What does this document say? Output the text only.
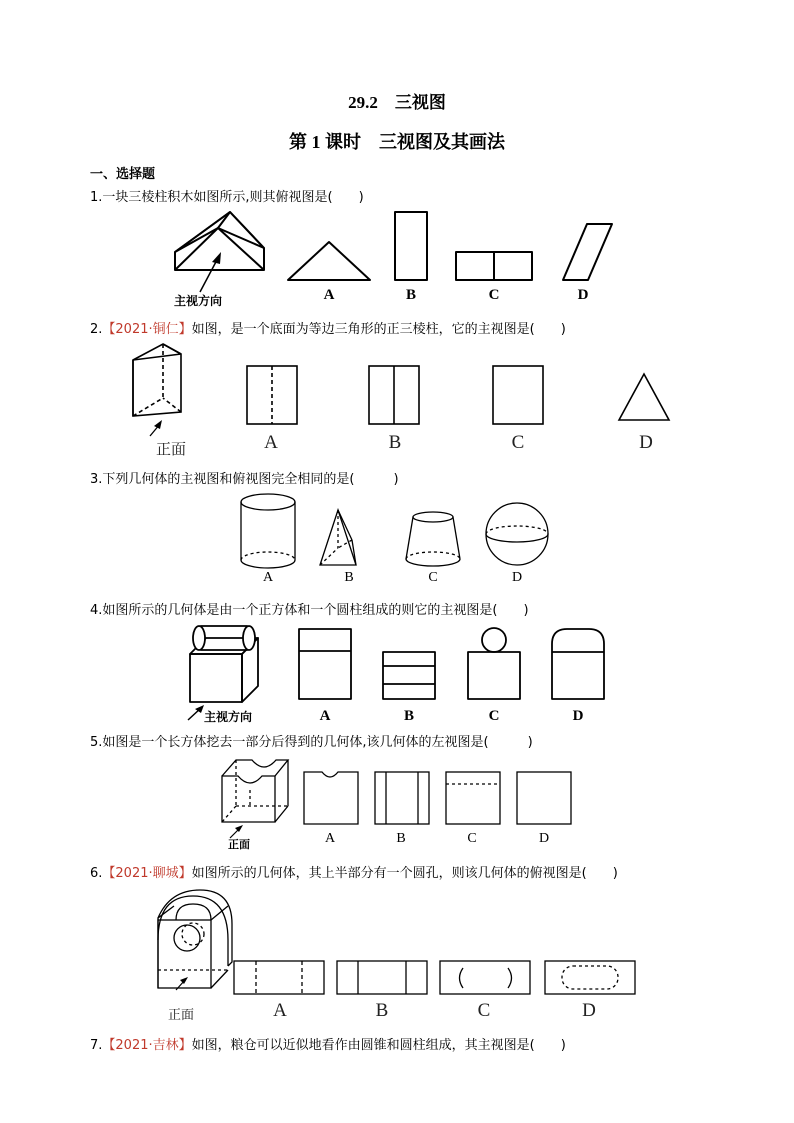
29.2　三视图
第 1 课时　三视图及其画法
一、选择题
1.一块三棱柱积木如图所示,则其俯视图是(　　)
主视方向	A	B	C	D
2.【2021·铜仁】如图，是一个底面为等边三角形的正三棱柱，它的主视图是(　　)
正面	A	B	C	D
3.下列几何体的主视图和俯视图完全相同的是(　　　)
A	B	C	D
4.如图所示的几何体是由一个正方体和一个圆柱组成的则它的主视图是(　　)
主视方向	A	B	C	D
5.如图是一个长方体挖去一部分后得到的几何体,该几何体的左视图是(　　　)
正面	A	B	C	D
6.【2021·聊城】如图所示的几何体，其上半部分有一个圆孔，则该几何体的俯视图是(　　)
正面	A	B	C	D
7.【2021·吉林】如图，粮仓可以近似地看作由圆锥和圆柱组成，其主视图是(　　)
